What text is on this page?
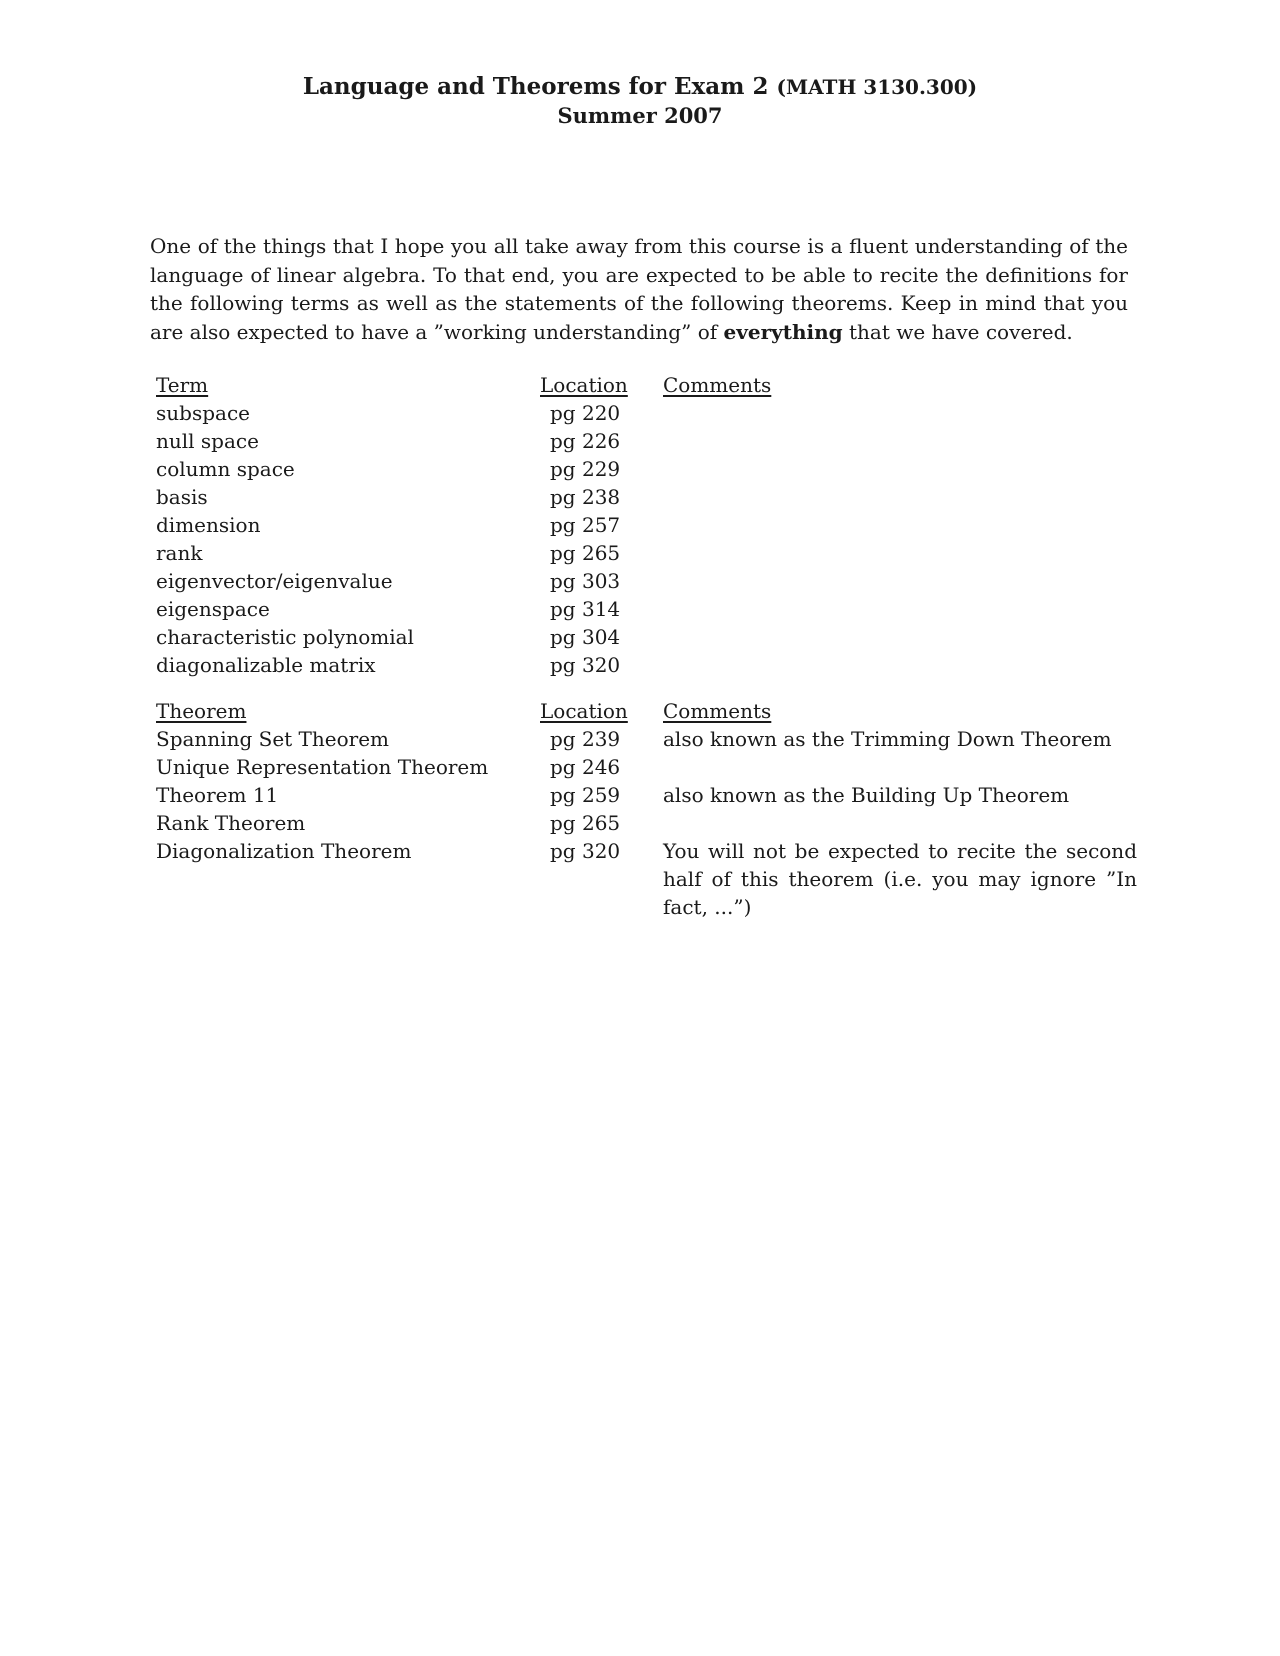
Language and Theorems for Exam 2 (MATH 3130.300)
Summer 2007

One of the things that I hope you all take away from this course is a fluent understanding of the language of linear algebra. To that end, you are expected to be able to recite the definitions for the following terms as well as the statements of the following theorems. Keep in mind that you are also expected to have a ”working understanding” of everything that we have covered.

Term	Location	Comments
subspace	pg 220	
null space	pg 226	
column space	pg 229	
basis	pg 238	
dimension	pg 257	
rank	pg 265	
eigenvector/eigenvalue	pg 303	
eigenspace	pg 314	
characteristic polynomial	pg 304	
diagonalizable matrix	pg 320	
Theorem	Location	Comments
Spanning Set Theorem	pg 239	also known as the Trimming Down Theorem
Unique Representation Theorem	pg 246	
Theorem 11	pg 259	also known as the Building Up Theorem
Rank Theorem	pg 265	
Diagonalization Theorem	pg 320	You will not be expected to recite the second half of this theorem (i.e. you may ignore ”In fact, ...”)
